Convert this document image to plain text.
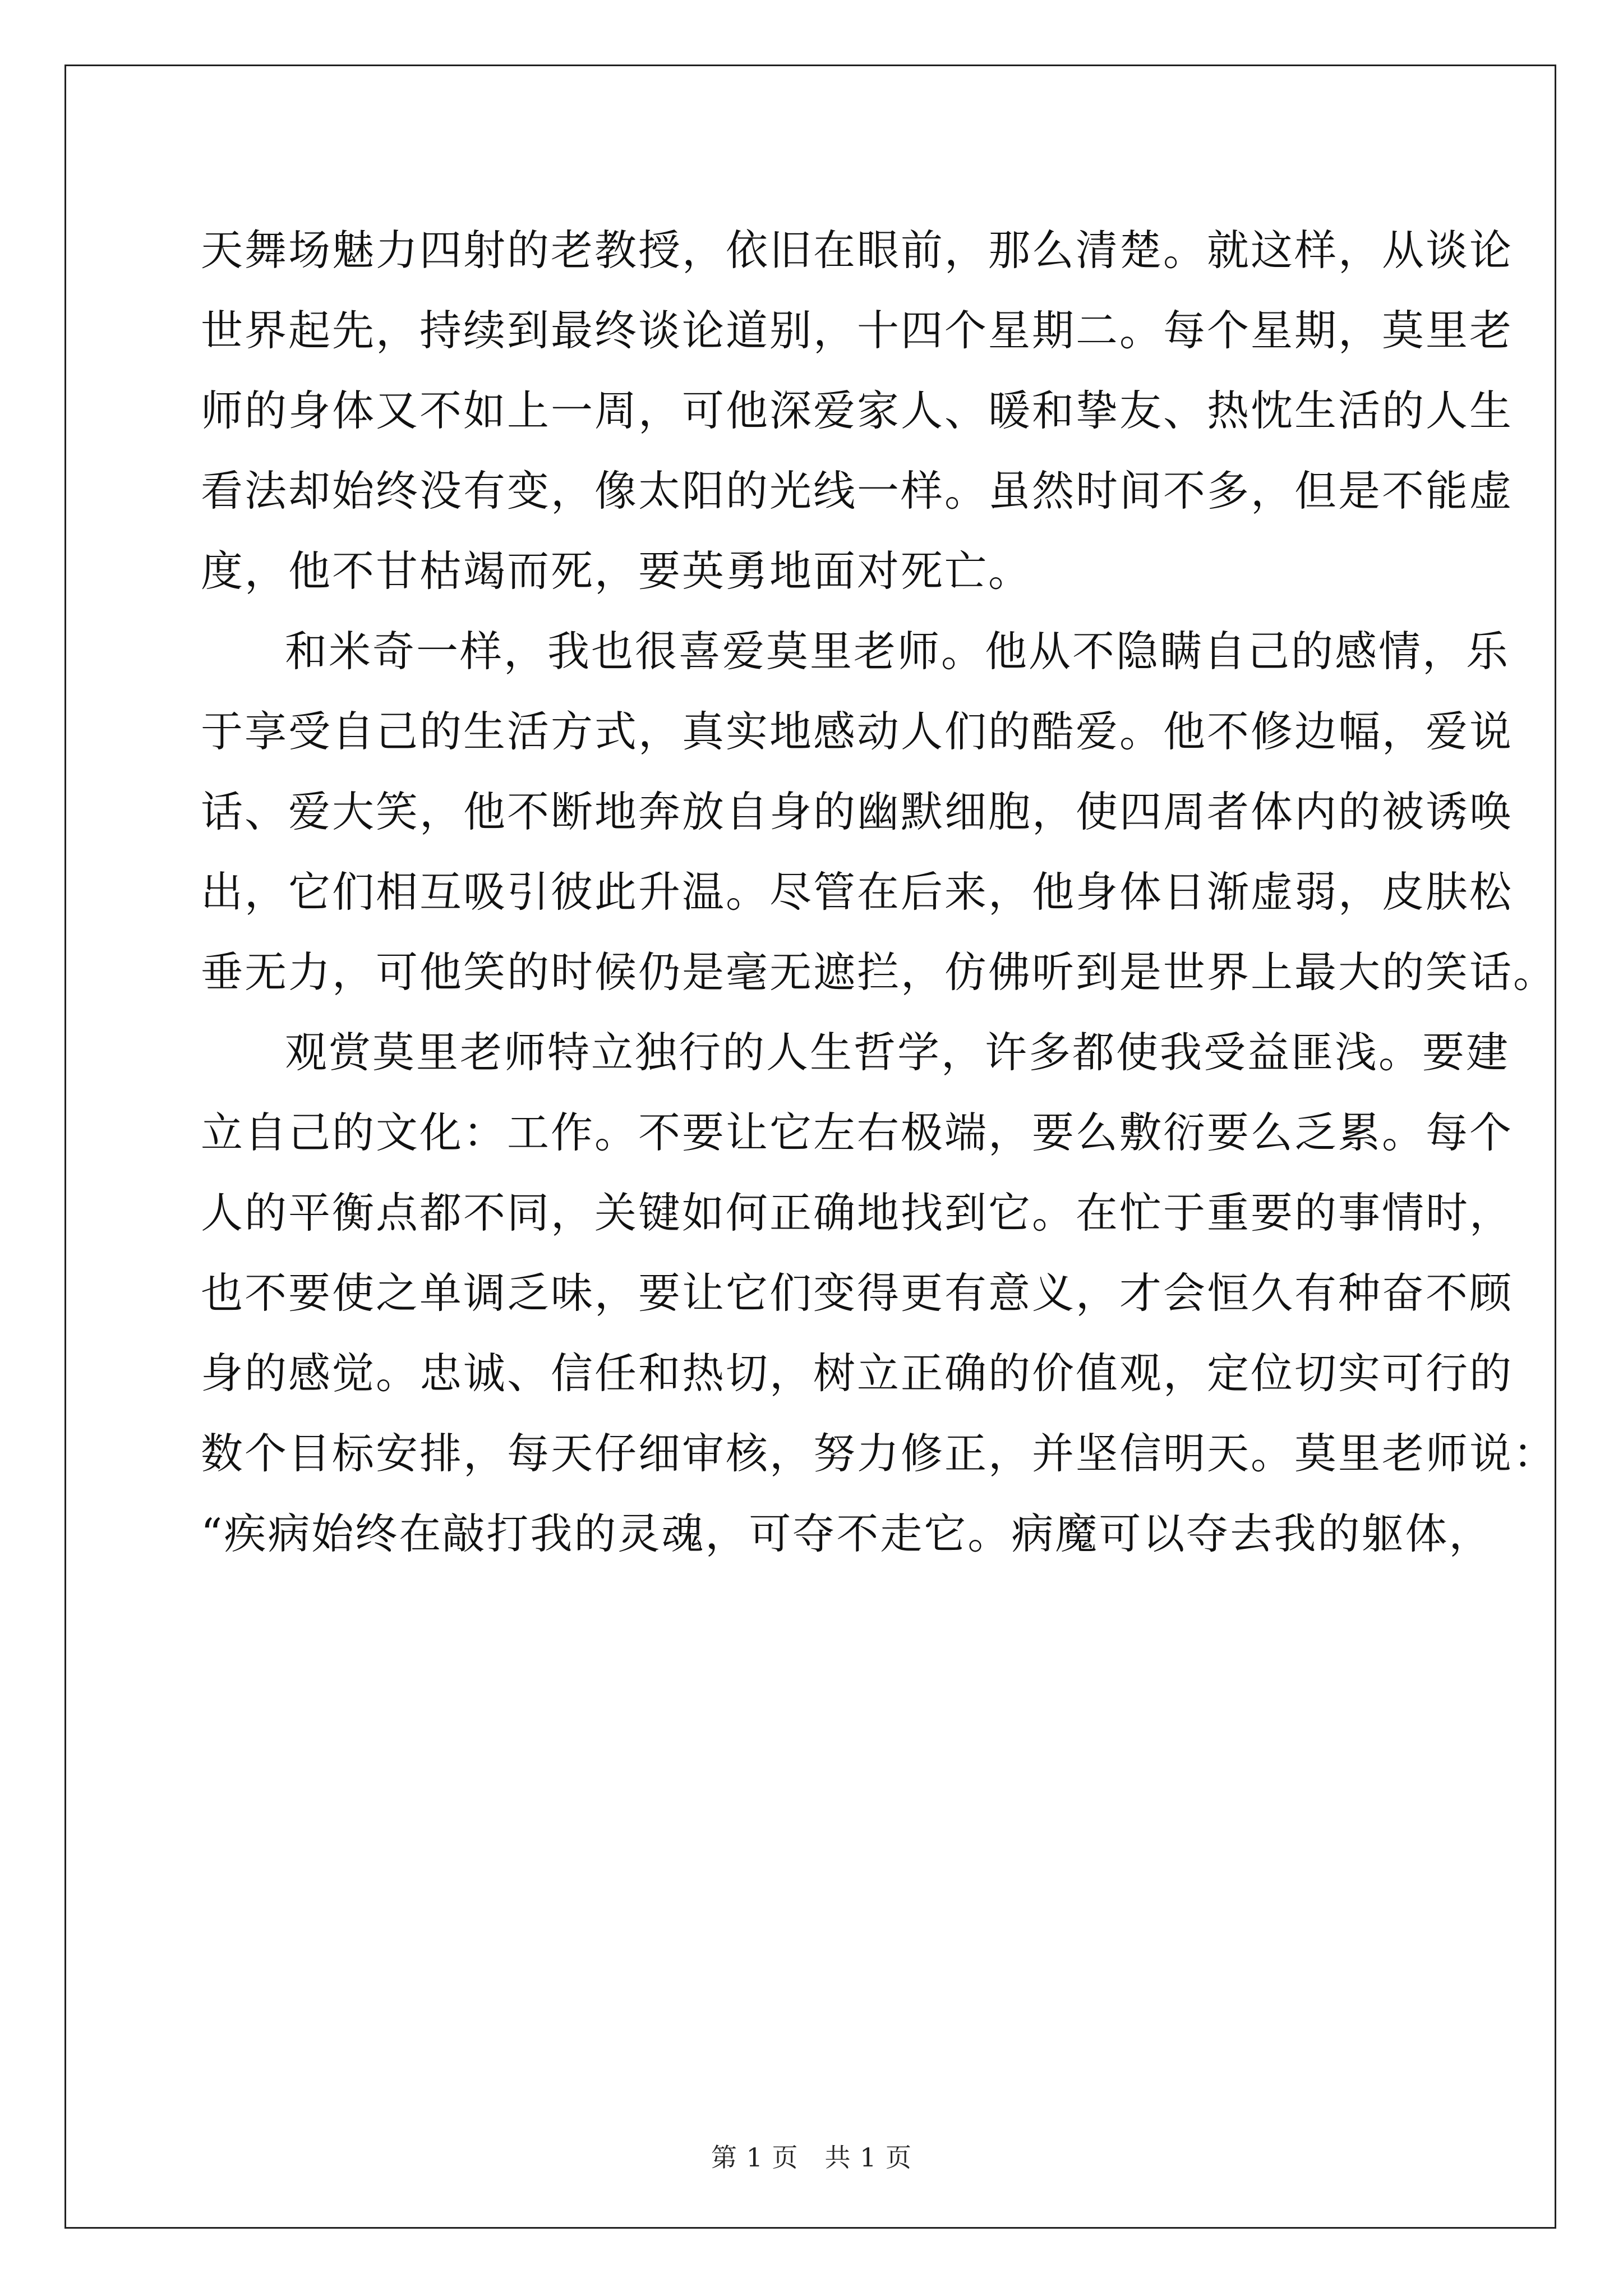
天舞场魅力四射的老教授，依旧在眼前，那么清楚。就这样，从谈论
世界起先，持续到最终谈论道别，十四个星期二。每个星期，莫里老
师的身体又不如上一周，可他深爱家人、暖和挚友、热忱生活的人生
看法却始终没有变，像太阳的光线一样。虽然时间不多，但是不能虚
度，他不甘枯竭而死，要英勇地面对死亡。
和米奇一样，我也很喜爱莫里老师。他从不隐瞒自己的感情，乐
于享受自己的生活方式，真实地感动人们的酷爱。他不修边幅，爱说
话、爱大笑，他不断地奔放自身的幽默细胞，使四周者体内的被诱唤
出，它们相互吸引彼此升温。尽管在后来，他身体日渐虚弱，皮肤松
垂无力，可他笑的时候仍是毫无遮拦，仿佛听到是世界上最大的笑话。
观赏莫里老师特立独行的人生哲学，许多都使我受益匪浅。要建
立自己的文化：工作。不要让它左右极端，要么敷衍要么乏累。每个
人的平衡点都不同，关键如何正确地找到它。在忙于重要的事情时，
也不要使之单调乏味，要让它们变得更有意义，才会恒久有种奋不顾
身的感觉。忠诚、信任和热切，树立正确的价值观，定位切实可行的
数个目标安排，每天仔细审核，努力修正，并坚信明天。莫里老师说：
“疾病始终在敲打我的灵魂，可夺不走它。病魔可以夺去我的躯体，
第 1 页　共 1 页
